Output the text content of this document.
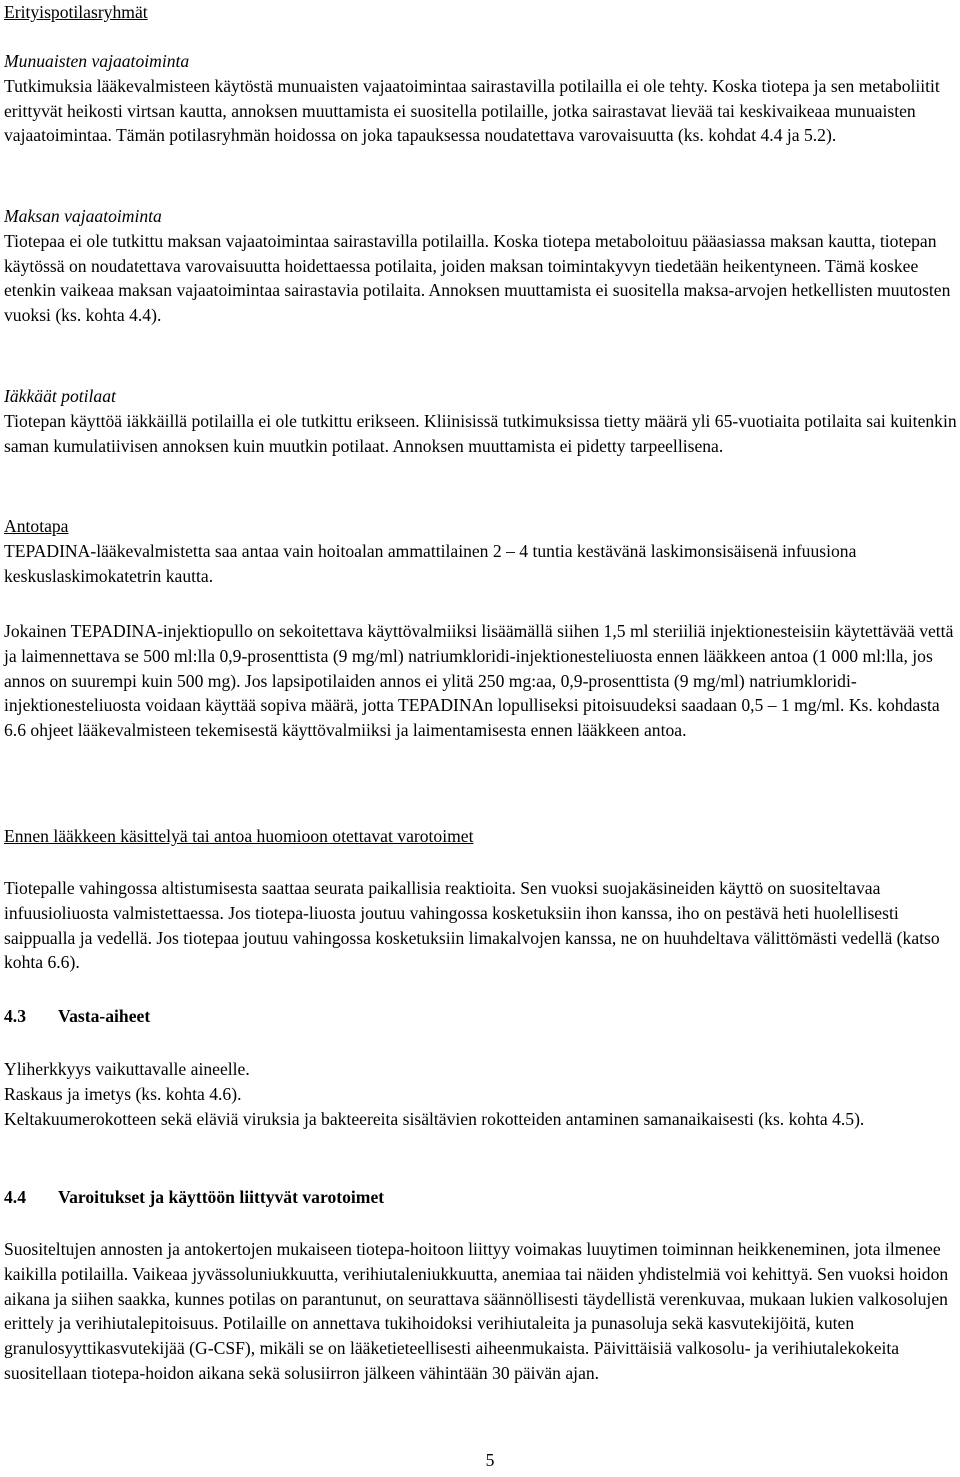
Erityispotilasryhmät

Munuaisten vajaatoiminta

Tutkimuksia lääkevalmisteen käytöstä munuaisten vajaatoimintaa sairastavilla potilailla ei ole tehty. Koska tiotepa ja sen metaboliitit erittyvät heikosti virtsan kautta, annoksen muuttamista ei suositella potilaille, jotka sairastavat lievää tai keskivaikeaa munuaisten vajaatoimintaa. Tämän potilasryhmän hoidossa on joka tapauksessa noudatettava varovaisuutta (ks. kohdat 4.4 ja 5.2).

Maksan vajaatoiminta

Tiotepaa ei ole tutkittu maksan vajaatoimintaa sairastavilla potilailla. Koska tiotepa metaboloituu pääasiassa maksan kautta, tiotepan käytössä on noudatettava varovaisuutta hoidettaessa potilaita, joiden maksan toimintakyvyn tiedetään heikentyneen. Tämä koskee etenkin vaikeaa maksan vajaatoimintaa sairastavia potilaita. Annoksen muuttamista ei suositella maksa-arvojen hetkellisten muutosten vuoksi (ks. kohta 4.4).

Iäkkäät potilaat

Tiotepan käyttöä iäkkäillä potilailla ei ole tutkittu erikseen. Kliinisissä tutkimuksissa tietty määrä yli 65-vuotiaita potilaita sai kuitenkin saman kumulatiivisen annoksen kuin muutkin potilaat. Annoksen muuttamista ei pidetty tarpeellisena.

Antotapa

TEPADINA-lääkevalmistetta saa antaa vain hoitoalan ammattilainen 2 – 4 tuntia kestävänä laskimonsisäisenä infuusiona keskuslaskimokatetrin kautta.

Jokainen TEPADINA-injektiopullo on sekoitettava käyttövalmiiksi lisäämällä siihen 1,5 ml steriiliä injektionesteisiin käytettävää vettä ja laimennettava se 500 ml:lla 0,9-prosenttista (9 mg/ml) natriumkloridi-injektionesteliuosta ennen lääkkeen antoa (1 000 ml:lla, jos annos on suurempi kuin 500 mg). Jos lapsipotilaiden annos ei ylitä 250 mg:aa, 0,9-prosenttista (9 mg/ml) natriumkloridi-injektionesteliuosta voidaan käyttää sopiva määrä, jotta TEPADINAn lopulliseksi pitoisuudeksi saadaan 0,5 – 1 mg/ml. Ks. kohdasta 6.6 ohjeet lääkevalmisteen tekemisestä käyttövalmiiksi ja laimentamisesta ennen lääkkeen antoa.

Ennen lääkkeen käsittelyä tai antoa huomioon otettavat varotoimet

Tiotepalle vahingossa altistumisesta saattaa seurata paikallisia reaktioita. Sen vuoksi suojakäsineiden käyttö on suositeltavaa infuusioliuosta valmistettaessa. Jos tiotepa-liuosta joutuu vahingossa kosketuksiin ihon kanssa, iho on pestävä heti huolellisesti saippualla ja vedellä. Jos tiotepaa joutuu vahingossa kosketuksiin limakalvojen kanssa, ne on huuhdeltava välittömästi vedellä (katso kohta 6.6).

4.3 Vasta-aiheet

Yliherkkyys vaikuttavalle aineelle.

Raskaus ja imetys (ks. kohta 4.6).

Keltakuumerokotteen sekä eläviä viruksia ja bakteereita sisältävien rokotteiden antaminen samanaikaisesti (ks. kohta 4.5).

4.4 Varoitukset ja käyttöön liittyvät varotoimet

Suositeltujen annosten ja antokertojen mukaiseen tiotepa-hoitoon liittyy voimakas luuytimen toiminnan heikkeneminen, jota ilmenee kaikilla potilailla. Vaikeaa jyvässoluniukkuutta, verihiutaleniukkuutta, anemiaa tai näiden yhdistelmiä voi kehittyä. Sen vuoksi hoidon aikana ja siihen saakka, kunnes potilas on parantunut, on seurattava säännöllisesti täydellistä verenkuvaa, mukaan lukien valkosolujen erittely ja verihiutalepitoisuus. Potilaille on annettava tukihoidoksi verihiutaleita ja punasoluja sekä kasvutekijöitä, kuten granulosyyttikasvutekijää (G-CSF), mikäli se on lääketieteellisesti aiheenmukaista. Päivittäisiä valkosolu- ja verihiutalekokeita suositellaan tiotepa-hoidon aikana sekä solusiirron jälkeen vähintään 30 päivän ajan.

5
